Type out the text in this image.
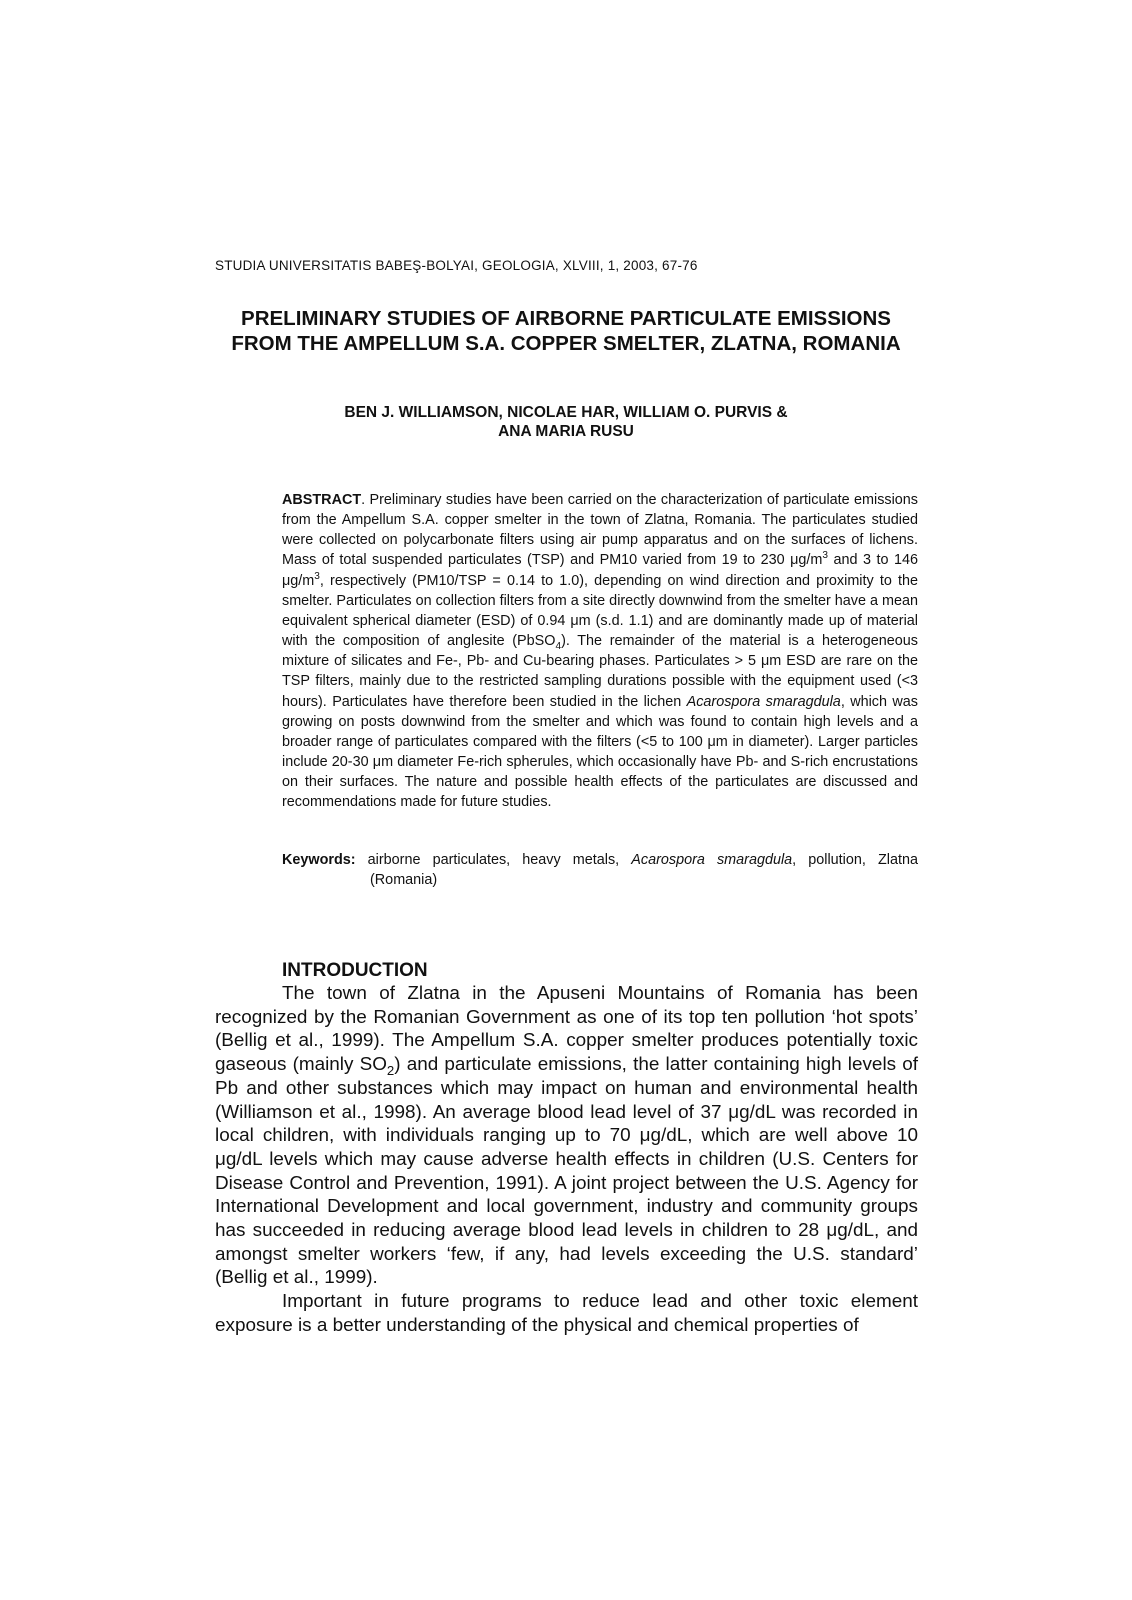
STUDIA UNIVERSITATIS BABEŞ-BOLYAI, GEOLOGIA, XLVIII, 1, 2003, 67-76
PRELIMINARY STUDIES OF AIRBORNE PARTICULATE EMISSIONS
FROM THE AMPELLUM S.A. COPPER SMELTER, ZLATNA, ROMANIA
BEN J. WILLIAMSON, NICOLAE HAR, WILLIAM O. PURVIS &
ANA MARIA RUSU
ABSTRACT. Preliminary studies have been carried on the characterization of particulate emissions from the Ampellum S.A. copper smelter in the town of Zlatna, Romania. The particulates studied were collected on polycarbonate filters using air pump apparatus and on the surfaces of lichens. Mass of total suspended particulates (TSP) and PM10 varied from 19 to 230 $\mu g/m^3$ and 3 to 146 $\mu g/m^3$, respectively (PM10/TSP = 0.14 to 1.0), depending on wind direction and proximity to the smelter. Particulates on collection filters from a site directly downwind from the smelter have a mean equivalent spherical diameter (ESD) of 0.94 μm (s.d. 1.1) and are dominantly made up of material with the composition of anglesite (PbSO$_4$). The remainder of the material is a heterogeneous mixture of silicates and Fe-, Pb- and Cu-bearing phases. Particulates > 5 μm ESD are rare on the TSP filters, mainly due to the restricted sampling durations possible with the equipment used (<3 hours). Particulates have therefore been studied in the lichen Acarospora smaragdula, which was growing on posts downwind from the smelter and which was found to contain high levels and a broader range of particulates compared with the filters (<5 to 100 μm in diameter). Larger particles include 20-30 μm diameter Fe-rich spherules, which occasionally have Pb- and S-rich encrustations on their surfaces. The nature and possible health effects of the particulates are discussed and recommendations made for future studies.
Keywords: airborne particulates, heavy metals, Acarospora smaragdula, pollution, Zlatna (Romania)
INTRODUCTION

The town of Zlatna in the Apuseni Mountains of Romania has been recognized by the Romanian Government as one of its top ten pollution ‘hot spots’ (Bellig et al., 1999). The Ampellum S.A. copper smelter produces potentially toxic gaseous (mainly $SO_2$) and particulate emissions, the latter containing high levels of Pb and other substances which may impact on human and environmental health (Williamson et al., 1998). An average blood lead level of 37 μg/dL was recorded in local children, with individuals ranging up to 70 μg/dL, which are well above 10 μg/dL levels which may cause adverse health effects in children (U.S. Centers for Disease Control and Prevention, 1991). A joint project between the U.S. Agency for International Development and local government, industry and community groups has succeeded in reducing average blood lead levels in children to 28 μg/dL, and amongst smelter workers ‘few, if any, had levels exceeding the U.S. standard’ (Bellig et al., 1999).

Important in future programs to reduce lead and other toxic element exposure is a better understanding of the physical and chemical properties of
